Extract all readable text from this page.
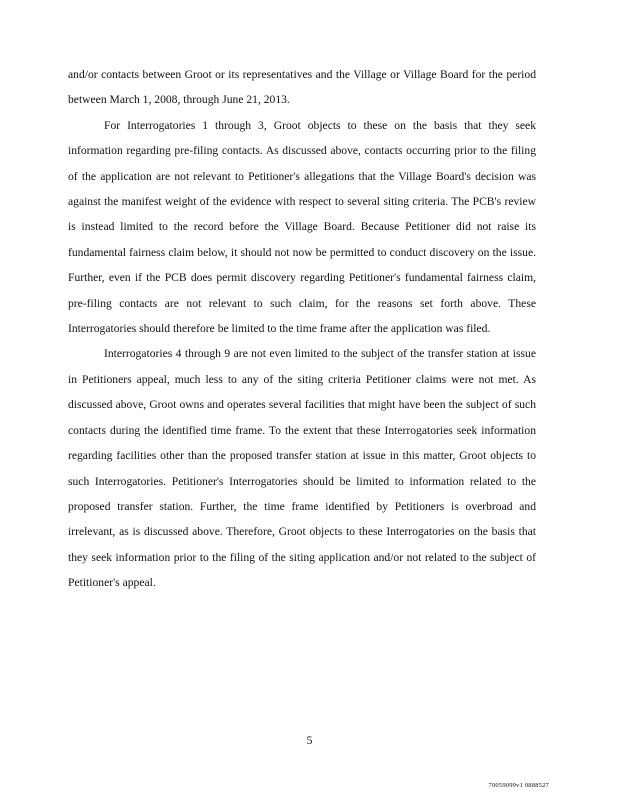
and/or contacts between Groot or its representatives and the Village or Village Board for the period between March 1, 2008, through June 21, 2013.

For Interrogatories 1 through 3, Groot objects to these on the basis that they seek information regarding pre-filing contacts. As discussed above, contacts occurring prior to the filing of the application are not relevant to Petitioner's allegations that the Village Board's decision was against the manifest weight of the evidence with respect to several siting criteria. The PCB's review is instead limited to the record before the Village Board. Because Petitioner did not raise its fundamental fairness claim below, it should not now be permitted to conduct discovery on the issue. Further, even if the PCB does permit discovery regarding Petitioner's fundamental fairness claim, pre-filing contacts are not relevant to such claim, for the reasons set forth above. These Interrogatories should therefore be limited to the time frame after the application was filed.

Interrogatories 4 through 9 are not even limited to the subject of the transfer station at issue in Petitioners appeal, much less to any of the siting criteria Petitioner claims were not met. As discussed above, Groot owns and operates several facilities that might have been the subject of such contacts during the identified time frame. To the extent that these Interrogatories seek information regarding facilities other than the proposed transfer station at issue in this matter, Groot objects to such Interrogatories. Petitioner's Interrogatories should be limited to information related to the proposed transfer station. Further, the time frame identified by Petitioners is overbroad and irrelevant, as is discussed above. Therefore, Groot objects to these Interrogatories on the basis that they seek information prior to the filing of the siting application and/or not related to the subject of Petitioner's appeal.

5
70059099v1 0888527
